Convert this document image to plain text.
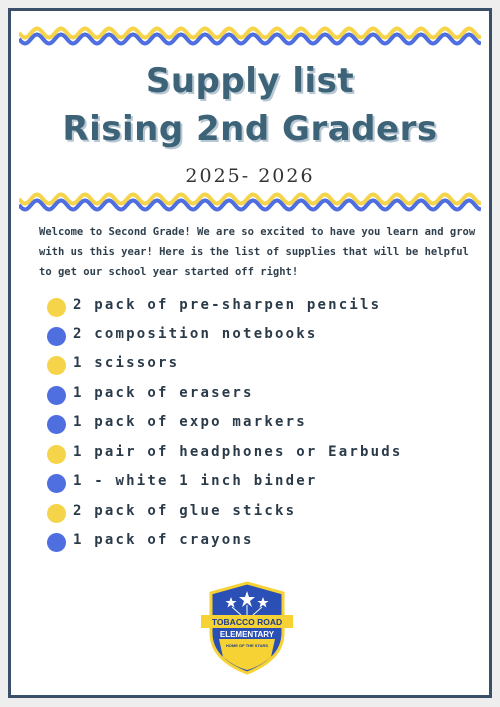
Supply list
Rising 2nd Graders
2025- 2026
Welcome to Second Grade! We are so excited to have you learn and grow with us this year! Here is the list of supplies that will be helpful to get our school year started off right!
2 pack of pre-sharpen pencils
2 composition notebooks
1 scissors
1 pack of erasers
1 pack of expo markers
1 pair of headphones or Earbuds
1 - white 1 inch binder
2 pack of glue sticks
1 pack of crayons
TOBACCO ROAD
ELEMENTARY
HOME OF THE STARS
